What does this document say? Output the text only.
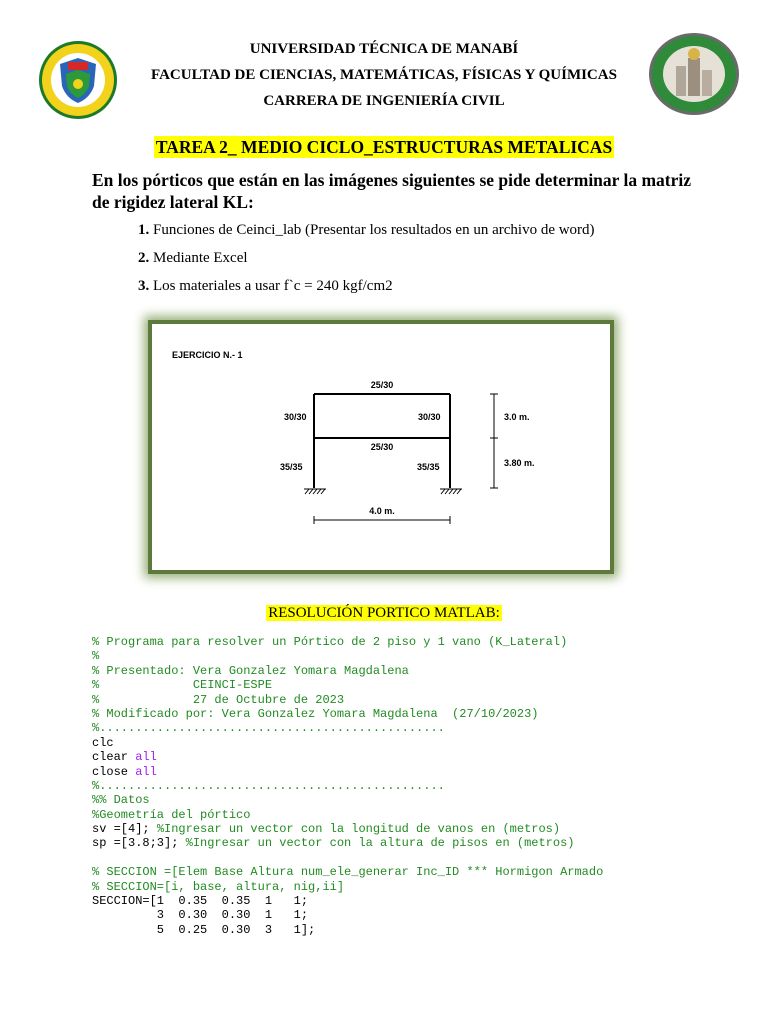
UNIVERSIDAD TÉCNICA DE MANABÍ
FACULTAD DE CIENCIAS, MATEMÁTICAS, FÍSICAS Y QUÍMICAS
CARRERA DE INGENIERÍA CIVIL
TAREA 2_ MEDIO CICLO_ESTRUCTURAS METALICAS
En los pórticos que están en las imágenes siguientes se pide determinar la matriz de rigidez lateral KL:
1. Funciones de Ceinci_lab (Presentar los resultados en un archivo de word)
2. Mediante Excel
3. Los materiales a usar f`c = 240 kgf/cm2
EJERCICIO N.- 1
25/30
25/30
30/30	30/30
35/35	35/35
3.0 m.
3.80 m.
4.0 m.
RESOLUCIÓN PORTICO MATLAB:
% Programa para resolver un Pórtico de 2 piso y 1 vano (K_Lateral)
%
% Presentado: Vera Gonzalez Yomara Magdalena
%             CEINCI-ESPE
%             27 de Octubre de 2023
% Modificado por: Vera Gonzalez Yomara Magdalena  (27/10/2023)
%................................................
clc
clear all
close all
%................................................
%% Datos
%Geometría del pórtico
sv =[4]; %Ingresar un vector con la longitud de vanos en (metros)
sp =[3.8;3]; %Ingresar un vector con la altura de pisos en (metros)
% SECCION =[Elem Base Altura num_ele_generar Inc_ID *** Hormigon Armado
% SECCION=[i, base, altura, nig,ii]
SECCION=[1  0.35  0.35  1   1;
3  0.30  0.30  1   1;
5  0.25  0.30  3   1];
